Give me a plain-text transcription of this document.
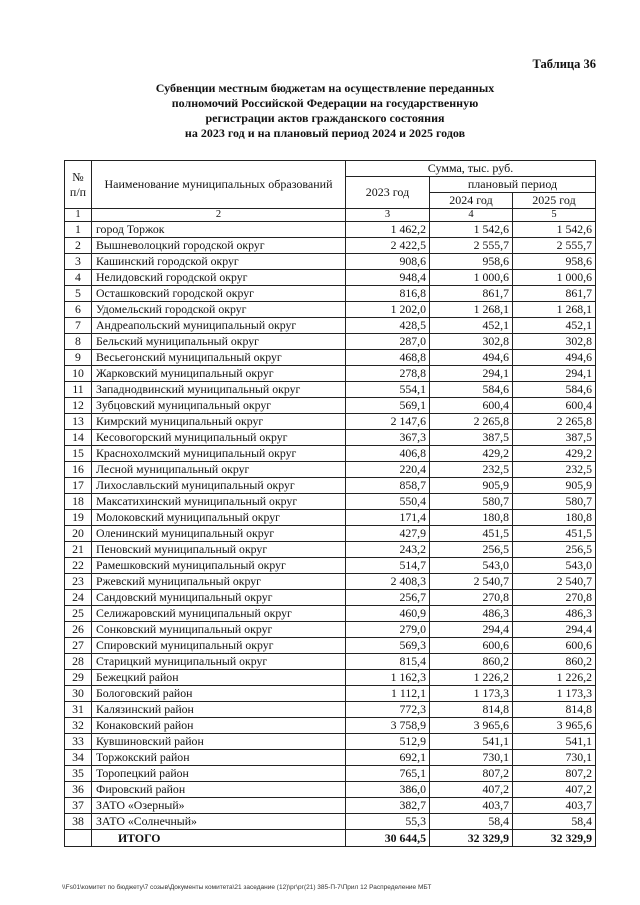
Таблица 36
Субвенции местным бюджетам на осуществление переданных
полномочий Российской Федерации на государственную
регистрации актов гражданского состояния
на 2023 год и на плановый период 2024 и 2025 годов
№ п/п	Наименование муниципальных образований	Сумма, тыс. руб.		
		2023 год	плановый период	
			2024 год	2025 год
1	2	3	4	5
1	город Торжок	1 462,2	1 542,6	1 542,6
2	Вышневолоцкий городской округ	2 422,5	2 555,7	2 555,7
3	Кашинский городской округ	908,6	958,6	958,6
4	Нелидовский городской округ	948,4	1 000,6	1 000,6
5	Осташковский городской округ	816,8	861,7	861,7
6	Удомельский городской округ	1 202,0	1 268,1	1 268,1
7	Андреапольский муниципальный округ	428,5	452,1	452,1
8	Бельский муниципальный округ	287,0	302,8	302,8
9	Весьегонский муниципальный округ	468,8	494,6	494,6
10	Жарковский муниципальный округ	278,8	294,1	294,1
11	Западнодвинский муниципальный округ	554,1	584,6	584,6
12	Зубцовский муниципальный округ	569,1	600,4	600,4
13	Кимрский муниципальный округ	2 147,6	2 265,8	2 265,8
14	Кесовогорский муниципальный округ	367,3	387,5	387,5
15	Краснохолмский муниципальный округ	406,8	429,2	429,2
16	Лесной муниципальный округ	220,4	232,5	232,5
17	Лихославльский муниципальный округ	858,7	905,9	905,9
18	Максатихинский муниципальный округ	550,4	580,7	580,7
19	Молоковский муниципальный округ	171,4	180,8	180,8
20	Оленинский муниципальный округ	427,9	451,5	451,5
21	Пеновский муниципальный округ	243,2	256,5	256,5
22	Рамешковский муниципальный округ	514,7	543,0	543,0
23	Ржевский муниципальный округ	2 408,3	2 540,7	2 540,7
24	Сандовский муниципальный округ	256,7	270,8	270,8
25	Селижаровский муниципальный округ	460,9	486,3	486,3
26	Сонковский муниципальный округ	279,0	294,4	294,4
27	Спировский муниципальный округ	569,3	600,6	600,6
28	Старицкий муниципальный округ	815,4	860,2	860,2
29	Бежецкий район	1 162,3	1 226,2	1 226,2
30	Бологовский район	1 112,1	1 173,3	1 173,3
31	Калязинский район	772,3	814,8	814,8
32	Конаковский район	3 758,9	3 965,6	3 965,6
33	Кувшиновский район	512,9	541,1	541,1
34	Торжокский район	692,1	730,1	730,1
35	Торопецкий район	765,1	807,2	807,2
36	Фировский район	386,0	407,2	407,2
37	ЗАТО «Озерный»	382,7	403,7	403,7
38	ЗАТО «Солнечный»	55,3	58,4	58,4
	ИТОГО	30 644,5	32 329,9	32 329,9
\\Fs01\комитет по бюджету\7 созыв\Документы комитета\21 заседание (12)\рг\рг(21) 385-П-7\Прил 12 Распределение МБТ
